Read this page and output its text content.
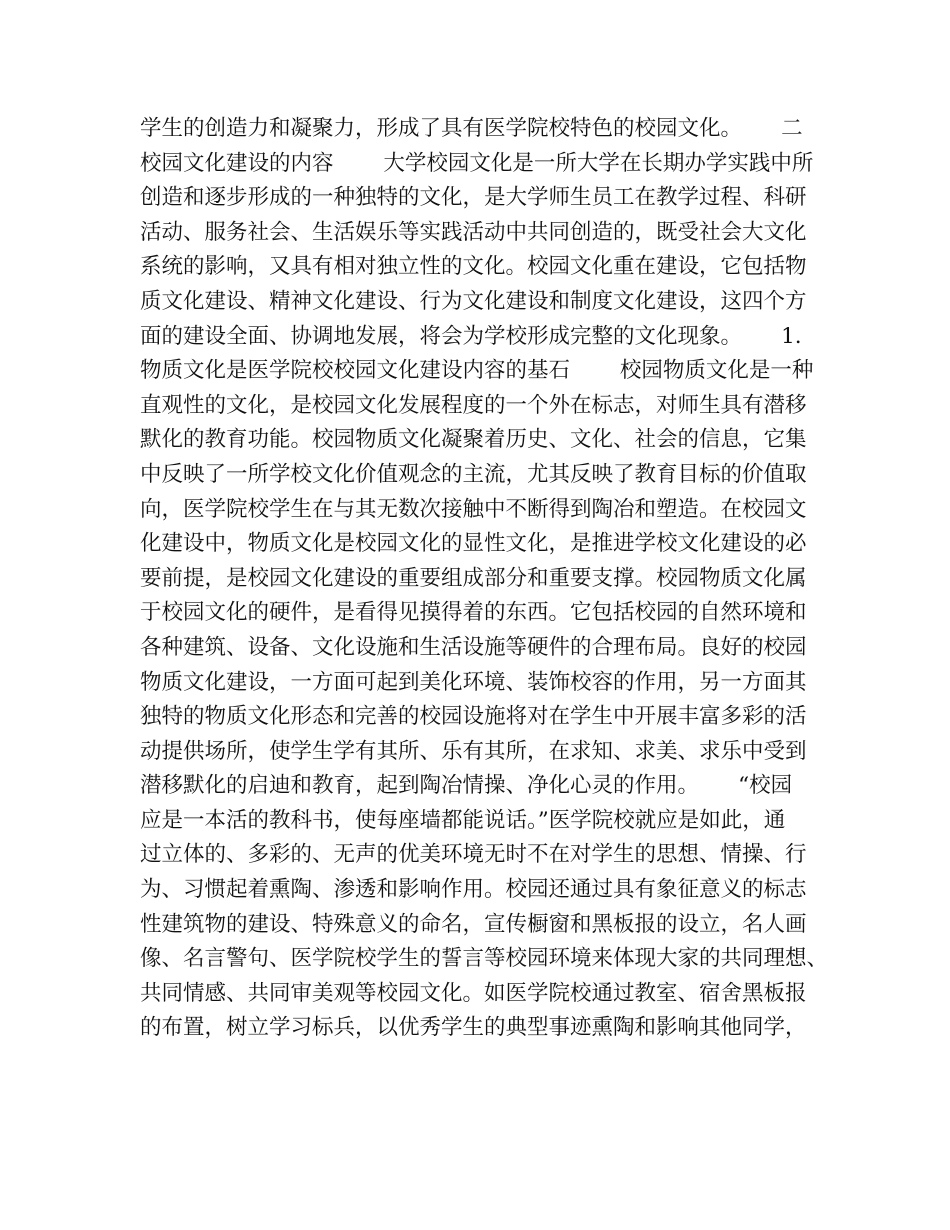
学生的创造力和凝聚力，形成了具有医学院校特色的校园文化。　　 二
校园文化建设的内容　　 大学校园文化是一所大学在长期办学实践中所
创造和逐步形成的一种独特的文化，是大学师生员工在教学过程、科研
活动、服务社会、生活娱乐等实践活动中共同创造的，既受社会大文化
系统的影响，又具有相对独立性的文化。校园文化重在建设，它包括物
质文化建设、精神文化建设、行为文化建设和制度文化建设，这四个方
面的建设全面、协调地发展，将会为学校形成完整的文化现象。　　 1.
物质文化是医学院校校园文化建设内容的基石　　 校园物质文化是一种
直观性的文化，是校园文化发展程度的一个外在标志，对师生具有潜移
默化的教育功能。校园物质文化凝聚着历史、文化、社会的信息，它集
中反映了一所学校文化价值观念的主流，尤其反映了教育目标的价值取
向，医学院校学生在与其无数次接触中不断得到陶冶和塑造。在校园文
化建设中，物质文化是校园文化的显性文化，是推进学校文化建设的必
要前提，是校园文化建设的重要组成部分和重要支撑。校园物质文化属
于校园文化的硬件，是看得见摸得着的东西。它包括校园的自然环境和
各种建筑、设备、文化设施和生活设施等硬件的合理布局。良好的校园
物质文化建设，一方面可起到美化环境、装饰校容的作用，另一方面其
独特的物质文化形态和完善的校园设施将对在学生中开展丰富多彩的活
动提供场所，使学生学有其所、乐有其所，在求知、求美、求乐中受到
潜移默化的启迪和教育，起到陶冶情操、净化心灵的作用。　　 “校园
应是一本活的教科书，使每座墙都能说话。”医学院校就应是如此，通
过立体的、多彩的、无声的优美环境无时不在对学生的思想、情操、行
为、习惯起着熏陶、渗透和影响作用。校园还通过具有象征意义的标志
性建筑物的建设、特殊意义的命名，宣传橱窗和黑板报的设立，名人画
像、名言警句、医学院校学生的誓言等校园环境来体现大家的共同理想、
共同情感、共同审美观等校园文化。如医学院校通过教室、宿舍黑板报
的布置，树立学习标兵，以优秀学生的典型事迹熏陶和影响其他同学，
